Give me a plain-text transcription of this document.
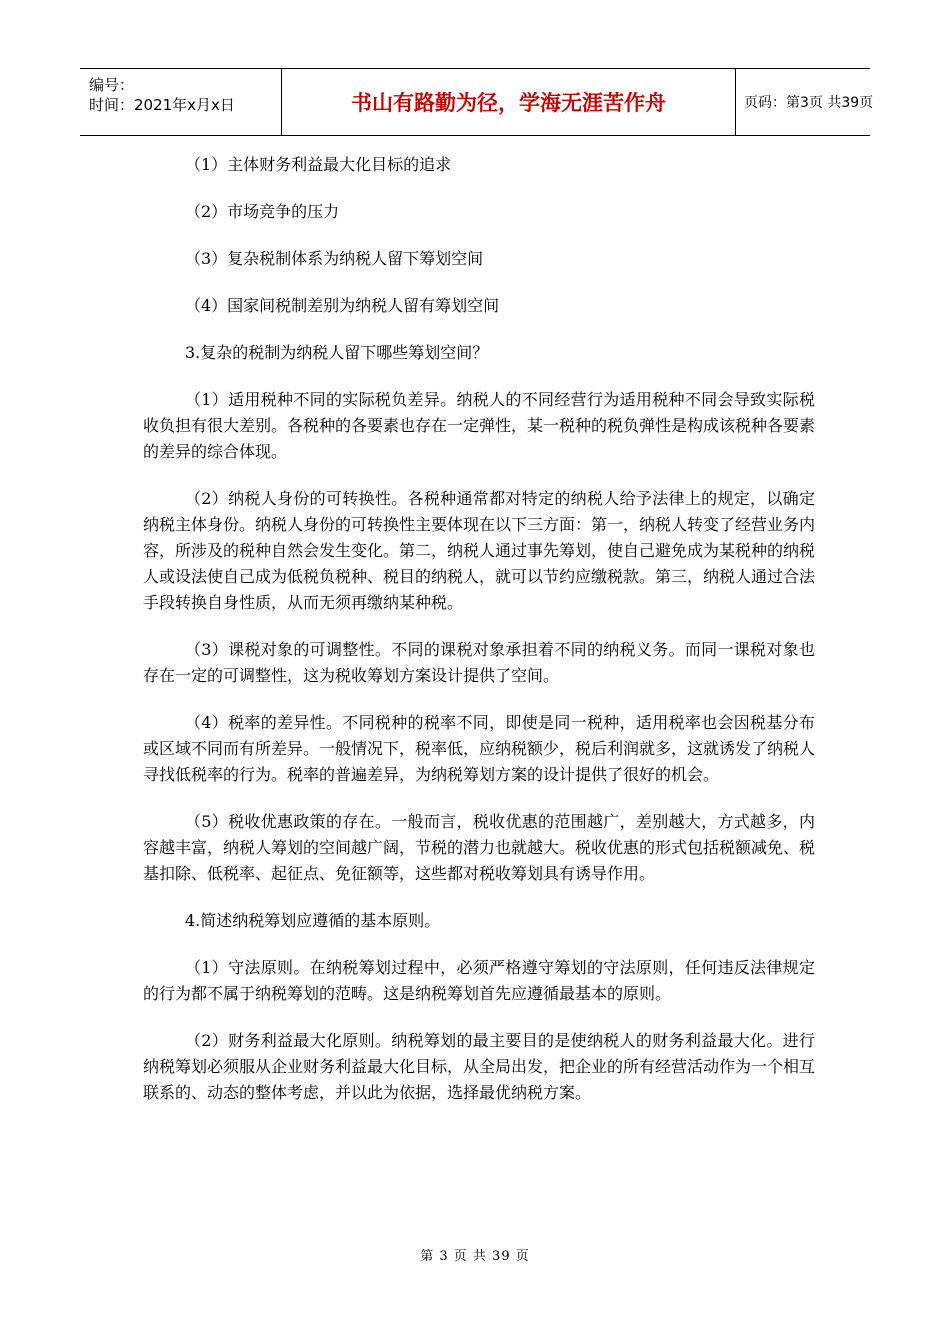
编号：
时间：2021年x月x日	书山有路勤为径，学海无涯苦作舟	页码：第3页 共39页

（1）主体财务利益最大化目标的追求

（2）市场竞争的压力

（3）复杂税制体系为纳税人留下筹划空间

（4）国家间税制差别为纳税人留有筹划空间

3.复杂的税制为纳税人留下哪些筹划空间？

（1）适用税种不同的实际税负差异。纳税人的不同经营行为适用税种不同会导致实际税收负担有很大差别。各税种的各要素也存在一定弹性，某一税种的税负弹性是构成该税种各要素的差异的综合体现。

（2）纳税人身份的可转换性。各税种通常都对特定的纳税人给予法律上的规定，以确定纳税主体身份。纳税人身份的可转换性主要体现在以下三方面：第一，纳税人转变了经营业务内容，所涉及的税种自然会发生变化。第二，纳税人通过事先筹划，使自己避免成为某税种的纳税人或设法使自己成为低税负税种、税目的纳税人，就可以节约应缴税款。第三，纳税人通过合法手段转换自身性质，从而无须再缴纳某种税。

（3）课税对象的可调整性。不同的课税对象承担着不同的纳税义务。而同一课税对象也存在一定的可调整性，这为税收筹划方案设计提供了空间。

（4）税率的差异性。不同税种的税率不同，即使是同一税种，适用税率也会因税基分布或区域不同而有所差异。一般情况下，税率低，应纳税额少，税后利润就多，这就诱发了纳税人寻找低税率的行为。税率的普遍差异，为纳税筹划方案的设计提供了很好的机会。

（5）税收优惠政策的存在。一般而言，税收优惠的范围越广，差别越大，方式越多，内容越丰富，纳税人筹划的空间越广阔，节税的潜力也就越大。税收优惠的形式包括税额减免、税基扣除、低税率、起征点、免征额等，这些都对税收筹划具有诱导作用。

4.简述纳税筹划应遵循的基本原则。

（1）守法原则。在纳税筹划过程中，必须严格遵守筹划的守法原则，任何违反法律规定的行为都不属于纳税筹划的范畴。这是纳税筹划首先应遵循最基本的原则。

（2）财务利益最大化原则。纳税筹划的最主要目的是使纳税人的财务利益最大化。进行纳税筹划必须服从企业财务利益最大化目标，从全局出发，把企业的所有经营活动作为一个相互联系的、动态的整体考虑，并以此为依据，选择最优纳税方案。

第 3 页 共 39 页
